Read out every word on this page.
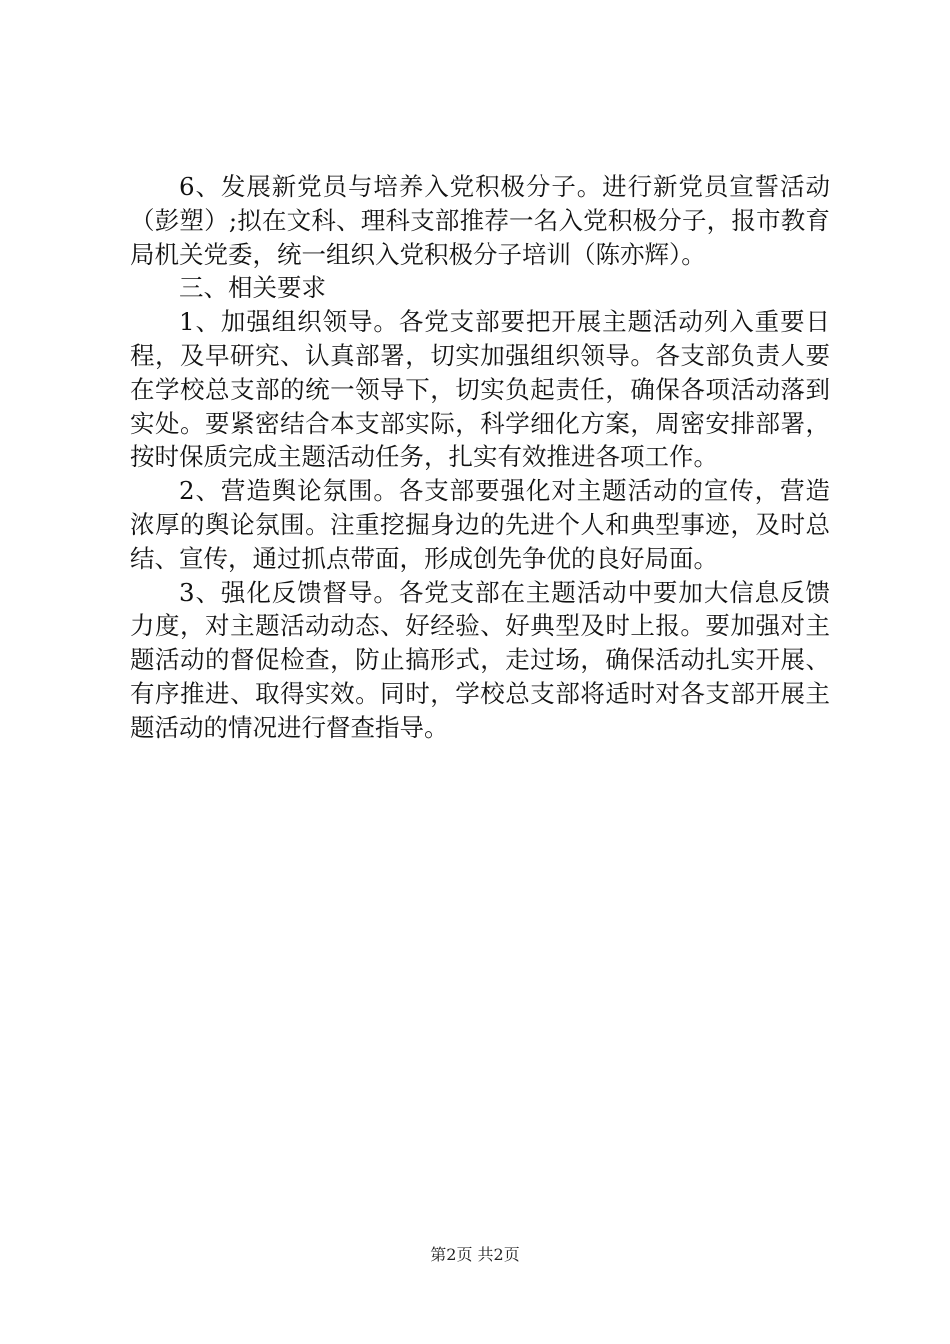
6、发展新党员与培养入党积极分子。进行新党员宣誓活动（彭塑）;拟在文科、理科支部推荐一名入党积极分子，报市教育局机关党委，统一组织入党积极分子培训（陈亦辉）。

三、相关要求

1、加强组织领导。各党支部要把开展主题活动列入重要日程，及早研究、认真部署，切实加强组织领导。各支部负责人要在学校总支部的统一领导下，切实负起责任，确保各项活动落到实处。要紧密结合本支部实际，科学细化方案，周密安排部署，按时保质完成主题活动任务，扎实有效推进各项工作。

2、营造舆论氛围。各支部要强化对主题活动的宣传，营造浓厚的舆论氛围。注重挖掘身边的先进个人和典型事迹，及时总结、宣传，通过抓点带面，形成创先争优的良好局面。

3、强化反馈督导。各党支部在主题活动中要加大信息反馈力度，对主题活动动态、好经验、好典型及时上报。要加强对主题活动的督促检查，防止搞形式，走过场，确保活动扎实开展、有序推进、取得实效。同时，学校总支部将适时对各支部开展主题活动的情况进行督查指导。

第2页 共2页
